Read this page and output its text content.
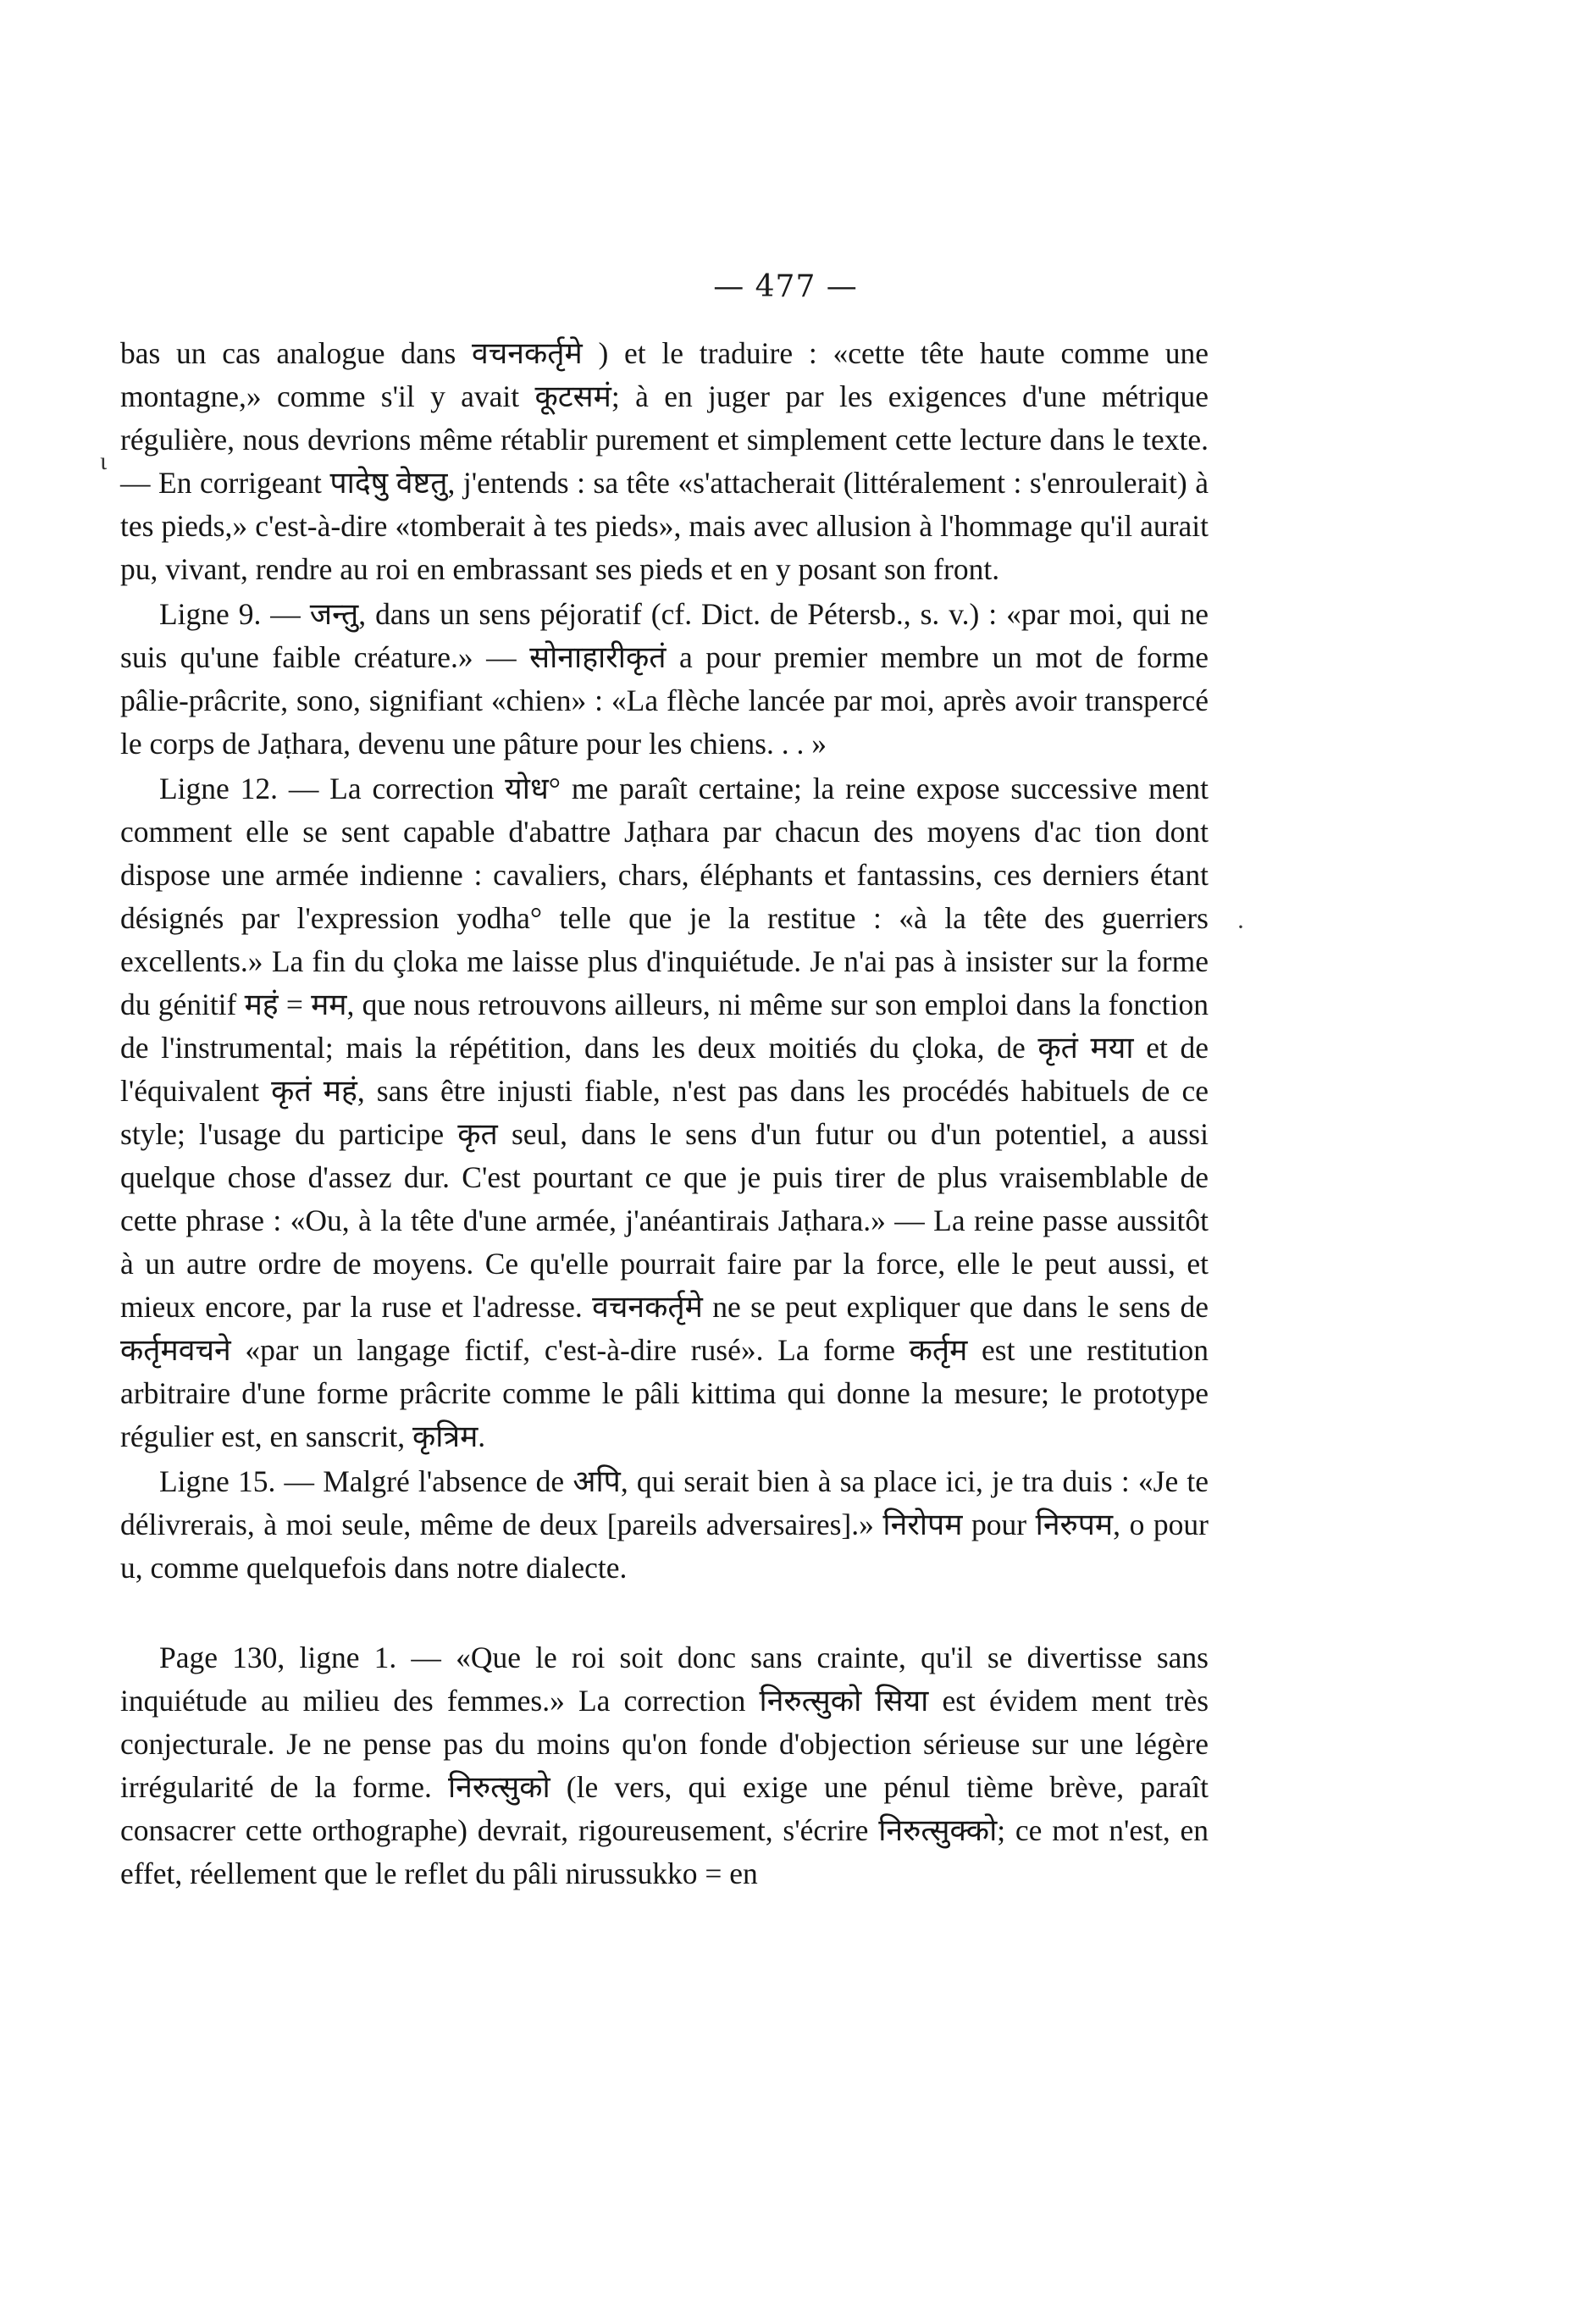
— 477 —
ɩ
·

bas un cas analogue dans वचनकर्तृमे ) et le traduire : «cette tête haute comme une montagne,» comme s'il y avait कूटसमं; à en juger par les exigences d'une métrique régulière, nous devrions même rétablir purement et simplement cette lecture dans le texte. — En corrigeant पादेषु वेष्टतु, j'entends : sa tête «s'attacherait (littéralement : s'enroulerait) à tes pieds,» c'est-à-dire «tomberait à tes pieds», mais avec allusion à l'hommage qu'il aurait pu, vivant, rendre au roi en embrassant ses pieds et en y posant son front.

Ligne 9. — जन्तु, dans un sens péjoratif (cf. Dict. de Pétersb., s. v.) : «par moi, qui ne suis qu'une faible créature.» — सोनाहारीकृतं a pour premier membre un mot de forme pâlie-prâcrite, sono, signifiant «chien» : «La flèche lancée par moi, après avoir transpercé le corps de Jaṭhara, devenu une pâture pour les chiens. . . »

Ligne 12. — La correction योध° me paraît certaine; la reine expose successive ment comment elle se sent capable d'abattre Jaṭhara par chacun des moyens d'ac tion dont dispose une armée indienne : cavaliers, chars, éléphants et fantassins, ces derniers étant désignés par l'expression yodha° telle que je la restitue : «à la tête des guerriers excellents.» La fin du çloka me laisse plus d'inquiétude. Je n'ai pas à insister sur la forme du génitif महं = मम, que nous retrouvons ailleurs, ni même sur son emploi dans la fonction de l'instrumental; mais la répétition, dans les deux moitiés du çloka, de कृतं मया et de l'équivalent कृतं महं, sans être injusti fiable, n'est pas dans les procédés habituels de ce style; l'usage du participe कृत seul, dans le sens d'un futur ou d'un potentiel, a aussi quelque chose d'assez dur. C'est pourtant ce que je puis tirer de plus vraisemblable de cette phrase : «Ou, à la tête d'une armée, j'anéantirais Jaṭhara.» — La reine passe aussitôt à un autre ordre de moyens. Ce qu'elle pourrait faire par la force, elle le peut aussi, et mieux encore, par la ruse et l'adresse. वचनकर्तृमे ne se peut expliquer que dans le sens de कर्तृमवचने «par un langage fictif, c'est-à-dire rusé». La forme कर्तृम est une restitution arbitraire d'une forme prâcrite comme le pâli kittima qui donne la mesure; le prototype régulier est, en sanscrit, कृत्रिम.

Ligne 15. — Malgré l'absence de अपि, qui serait bien à sa place ici, je tra duis : «Je te délivrerais, à moi seule, même de deux [pareils adversaires].» निरोपम pour निरुपम, o pour u, comme quelquefois dans notre dialecte.

Page 130, ligne 1. — «Que le roi soit donc sans crainte, qu'il se divertisse sans inquiétude au milieu des femmes.» La correction निरुत्सुको सिया est évidem ment très conjecturale. Je ne pense pas du moins qu'on fonde d'objection sérieuse sur une légère irrégularité de la forme. निरुत्सुको (le vers, qui exige une pénul tième brève, paraît consacrer cette orthographe) devrait, rigoureusement, s'écrire निरुत्सुक्को; ce mot n'est, en effet, réellement que le reflet du pâli nirussukko = en
